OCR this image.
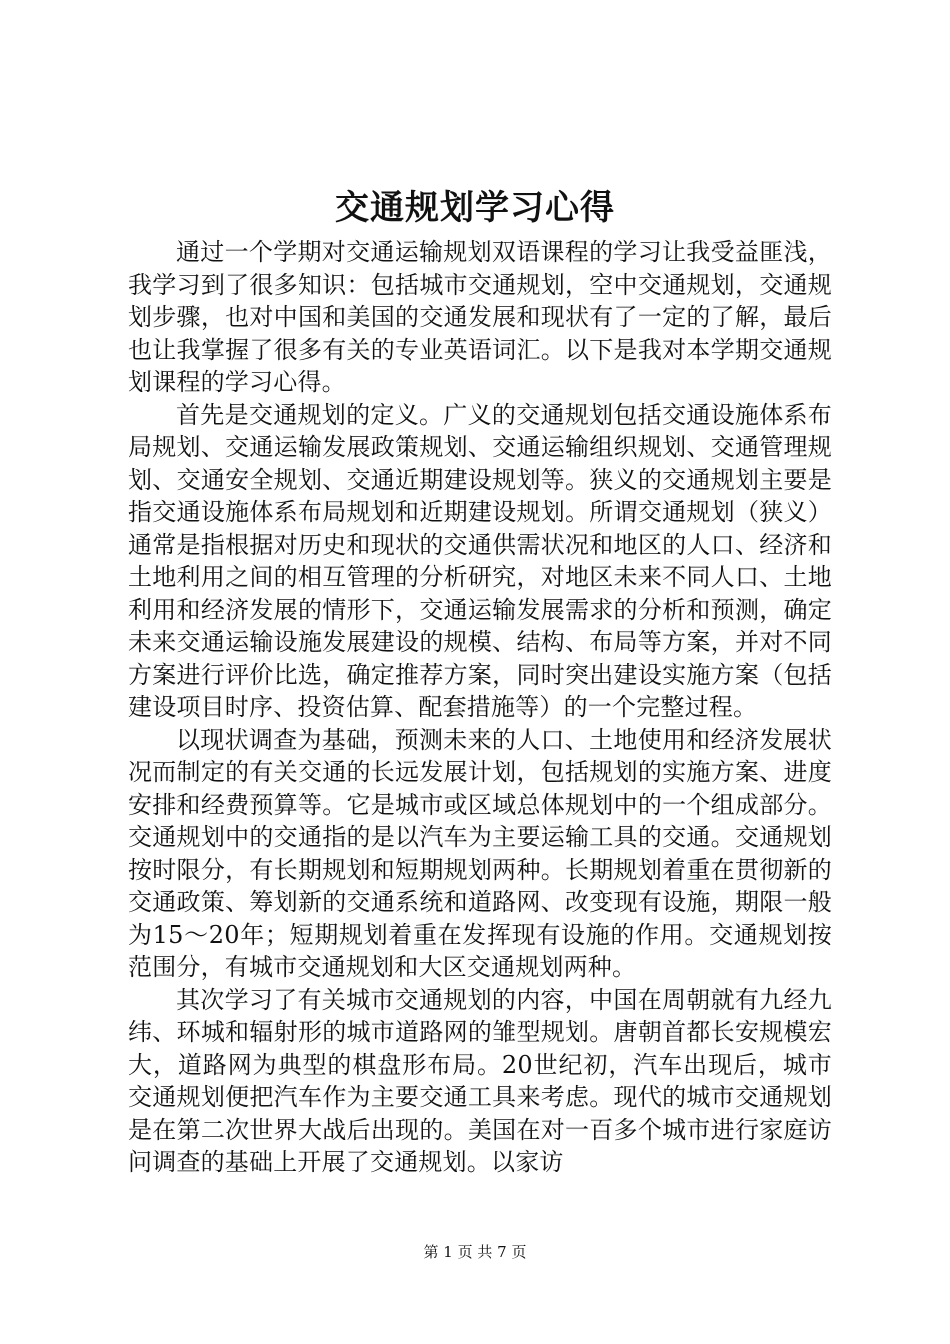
交通规划学习心得

通过一个学期对交通运输规划双语课程的学习让我受益匪浅，我学习到了很多知识：包括城市交通规划，空中交通规划，交通规划步骤，也对中国和美国的交通发展和现状有了一定的了解，最后也让我掌握了很多有关的专业英语词汇。以下是我对本学期交通规划课程的学习心得。

首先是交通规划的定义。广义的交通规划包括交通设施体系布局规划、交通运输发展政策规划、交通运输组织规划、交通管理规划、交通安全规划、交通近期建设规划等。狭义的交通规划主要是指交通设施体系布局规划和近期建设规划。所谓交通规划（狭义）通常是指根据对历史和现状的交通供需状况和地区的人口、经济和土地利用之间的相互管理的分析研究，对地区未来不同人口、土地利用和经济发展的情形下，交通运输发展需求的分析和预测，确定未来交通运输设施发展建设的规模、结构、布局等方案，并对不同方案进行评价比选，确定推荐方案，同时突出建设实施方案（包括建设项目时序、投资估算、配套措施等）的一个完整过程。

以现状调查为基础，预测未来的人口、土地使用和经济发展状况而制定的有关交通的长远发展计划，包括规划的实施方案、进度安排和经费预算等。它是城市或区域总体规划中的一个组成部分。交通规划中的交通指的是以汽车为主要运输工具的交通。交通规划按时限分，有长期规划和短期规划两种。长期规划着重在贯彻新的交通政策、筹划新的交通系统和道路网、改变现有设施，期限一般为15～20年；短期规划着重在发挥现有设施的作用。交通规划按范围分，有城市交通规划和大区交通规划两种。

其次学习了有关城市交通规划的内容，中国在周朝就有九经九纬、环城和辐射形的城市道路网的雏型规划。唐朝首都长安规模宏大，道路网为典型的棋盘形布局。20世纪初，汽车出现后，城市交通规划便把汽车作为主要交通工具来考虑。现代的城市交通规划是在第二次世界大战后出现的。美国在对一百多个城市进行家庭访问调查的基础上开展了交通规划。以家访

第 1 页 共 7 页
